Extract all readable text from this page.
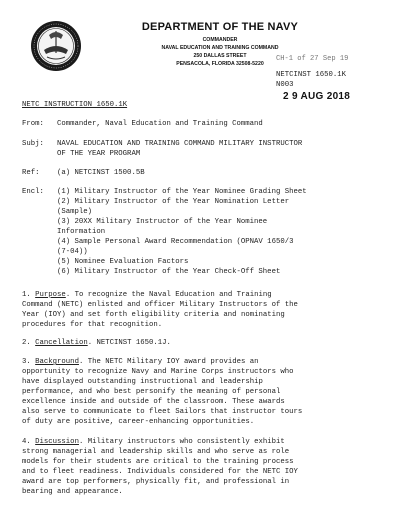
DEPARTMENT OF THE NAVY
COMMANDER
NAVAL EDUCATION AND TRAINING COMMAND
250 DALLAS STREET
PENSACOLA, FLORIDA 32508-5220
CH-1 of 27 Sep 19
NETCINST 1650.1K
N003
2 9 AUG 2018
NETC INSTRUCTION 1650.1K
From: Commander, Naval Education and Training Command
Subj: NAVAL EDUCATION AND TRAINING COMMAND MILITARY INSTRUCTOR
OF THE YEAR PROGRAM
Ref: (a) NETCINST 1500.5B
Encl: (1) Military Instructor of the Year Nominee Grading Sheet
(2) Military Instructor of the Year Nomination Letter
(Sample)
(3) 20XX Military Instructor of the Year Nominee
Information
(4) Sample Personal Award Recommendation (OPNAV 1650/3
(7-04))
(5) Nominee Evaluation Factors
(6) Military Instructor of the Year Check-Off Sheet
1. Purpose. To recognize the Naval Education and Training
Command (NETC) enlisted and officer Military Instructors of the
Year (IOY) and set forth eligibility criteria and nominating
procedures for that recognition.
2. Cancellation. NETCINST 1650.1J.
3. Background. The NETC Military IOY award provides an
opportunity to recognize Navy and Marine Corps instructors who
have displayed outstanding instructional and leadership
performance, and who best personify the meaning of personal
excellence inside and outside of the classroom. These awards
also serve to communicate to fleet Sailors that instructor tours
of duty are positive, career-enhancing opportunities.
4. Discussion. Military instructors who consistently exhibit
strong managerial and leadership skills and who serve as role
models for their students are critical to the training process
and to fleet readiness. Individuals considered for the NETC IOY
award are top performers, physically fit, and professional in
bearing and appearance.
